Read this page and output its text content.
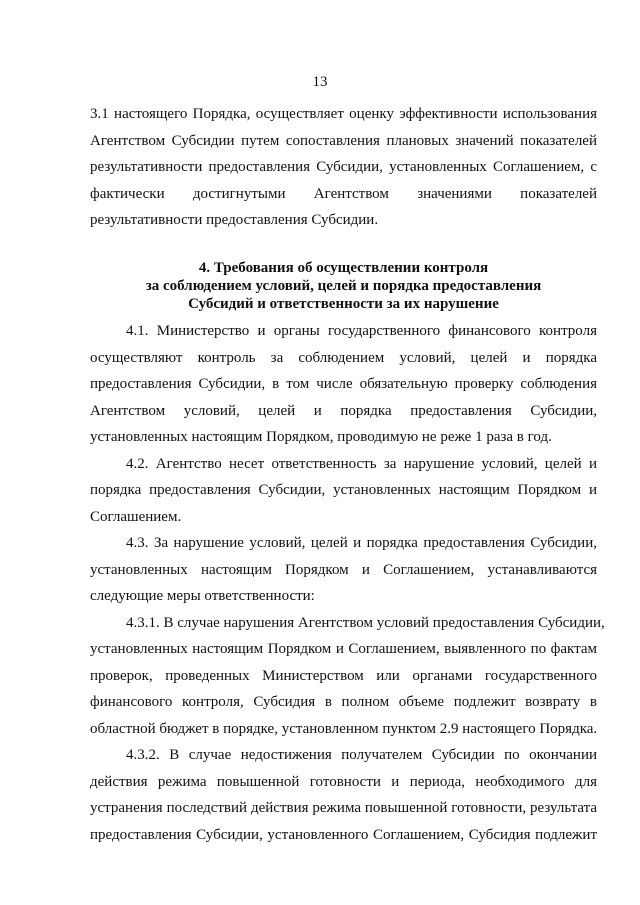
13
3.1 настоящего Порядка, осуществляет оценку эффективности использования
Агентством Субсидии путем сопоставления плановых значений показателей
результативности предоставления Субсидии, установленных Соглашением, с
фактически достигнутыми Агентством значениями показателей
результативности предоставления Субсидии.
4. Требования об осуществлении контроля
за соблюдением условий, целей и порядка предоставления
Субсидий и ответственности за их нарушение
4.1. Министерство и органы государственного финансового контроля
осуществляют контроль за соблюдением условий, целей и порядка
предоставления Субсидии, в том числе обязательную проверку соблюдения
Агентством условий, целей и порядка предоставления Субсидии,
установленных настоящим Порядком, проводимую не реже 1 раза в год.
4.2. Агентство несет ответственность за нарушение условий, целей и
порядка предоставления Субсидии, установленных настоящим Порядком и
Соглашением.
4.3. За нарушение условий, целей и порядка предоставления Субсидии,
установленных настоящим Порядком и Соглашением, устанавливаются
следующие меры ответственности:
4.3.1. В случае нарушения Агентством условий предоставления Субсидии,
установленных настоящим Порядком и Соглашением, выявленного по фактам
проверок, проведенных Министерством или органами государственного
финансового контроля, Субсидия в полном объеме подлежит возврату в
областной бюджет в порядке, установленном пунктом 2.9 настоящего Порядка.
4.3.2. В случае недостижения получателем Субсидии по окончании
действия режима повышенной готовности и периода, необходимого для
устранения последствий действия режима повышенной готовности, результата
предоставления Субсидии, установленного Соглашением, Субсидия подлежит
